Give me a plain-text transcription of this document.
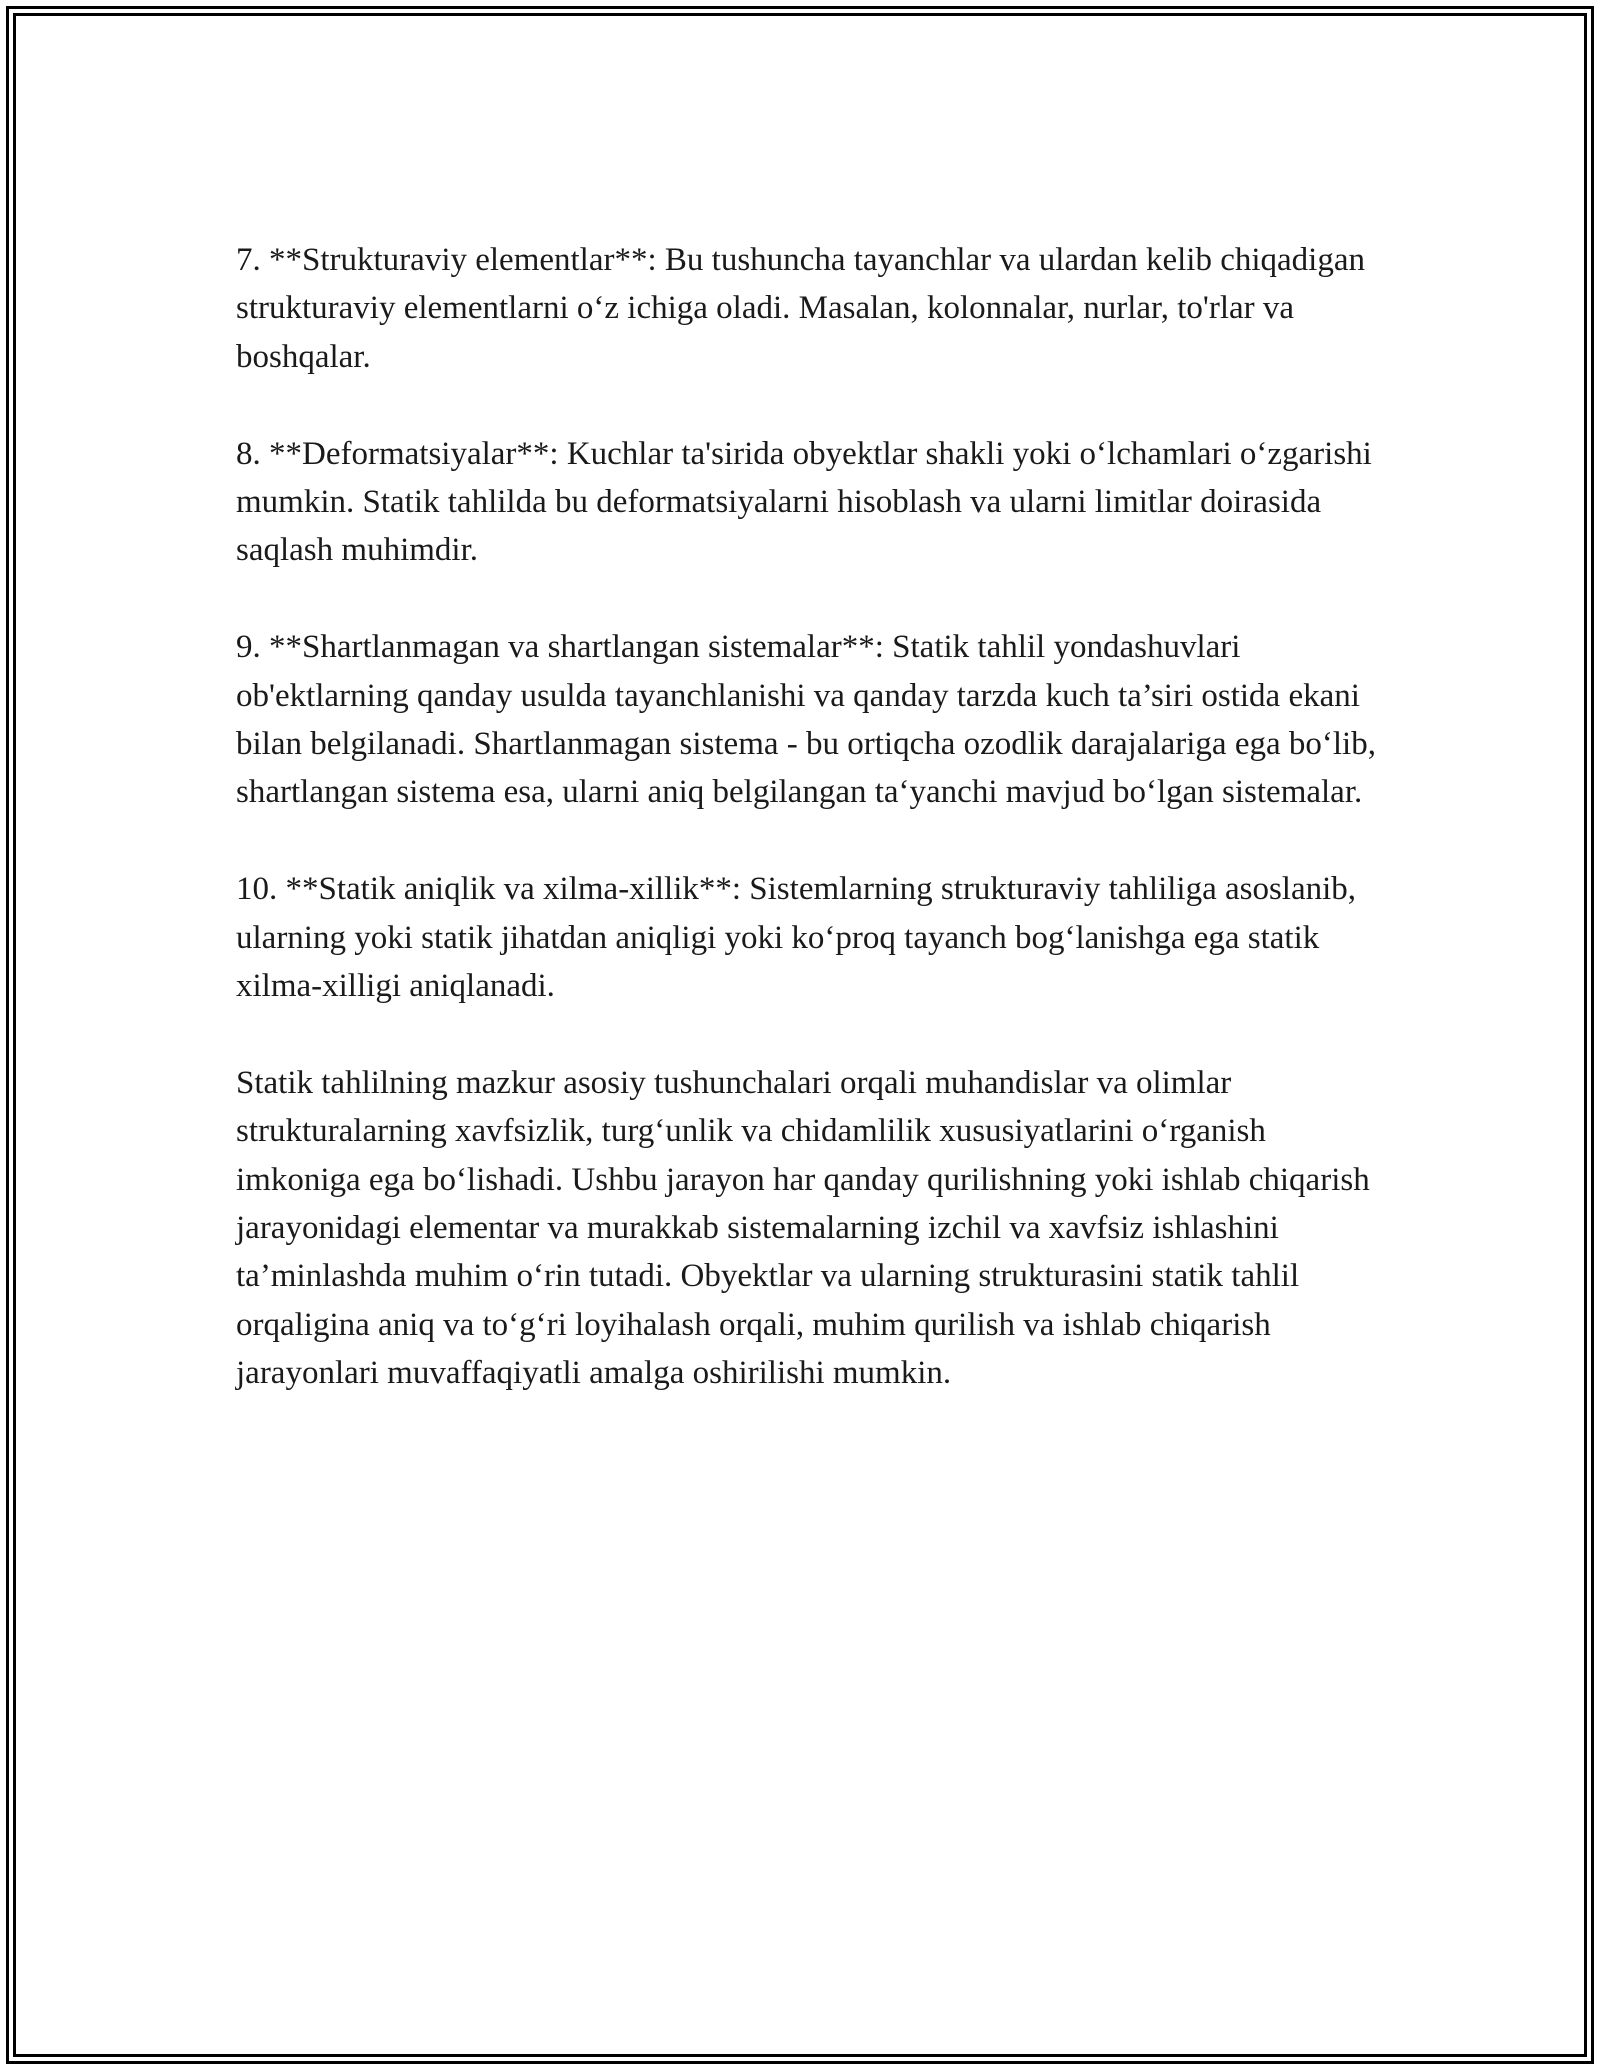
7. **Strukturaviy elementlar**: Bu tushuncha tayanchlar va ulardan kelib chiqadigan strukturaviy elementlarni o‘z ichiga oladi. Masalan, kolonnalar, nurlar, to'rlar va boshqalar.

8. **Deformatsiyalar**: Kuchlar ta'sirida obyektlar shakli yoki o‘lchamlari o‘zgarishi mumkin. Statik tahlilda bu deformatsiyalarni hisoblash va ularni limitlar doirasida saqlash muhimdir.

9. **Shartlanmagan va shartlangan sistemalar**: Statik tahlil yondashuvlari ob'ektlarning qanday usulda tayanchlanishi va qanday tarzda kuch ta’siri ostida ekani bilan belgilanadi. Shartlanmagan sistema - bu ortiqcha ozodlik darajalariga ega bo‘lib, shartlangan sistema esa, ularni aniq belgilangan ta‘yanchi mavjud bo‘lgan sistemalar.

10. **Statik aniqlik va xilma-xillik**: Sistemlarning strukturaviy tahliliga asoslanib, ularning yoki statik jihatdan aniqligi yoki ko‘proq tayanch bog‘lanishga ega statik xilma-xilligi aniqlanadi.

Statik tahlilning mazkur asosiy tushunchalari orqali muhandislar va olimlar strukturalarning xavfsizlik, turg‘unlik va chidamlilik xususiyatlarini o‘rganish imkoniga ega bo‘lishadi. Ushbu jarayon har qanday qurilishning yoki ishlab chiqarish jarayonidagi elementar va murakkab sistemalarning izchil va xavfsiz ishlashini ta’minlashda muhim o‘rin tutadi. Obyektlar va ularning strukturasini statik tahlil orqaligina aniq va to‘g‘ri loyihalash orqali, muhim qurilish va ishlab chiqarish jarayonlari muvaffaqiyatli amalga oshirilishi mumkin.
